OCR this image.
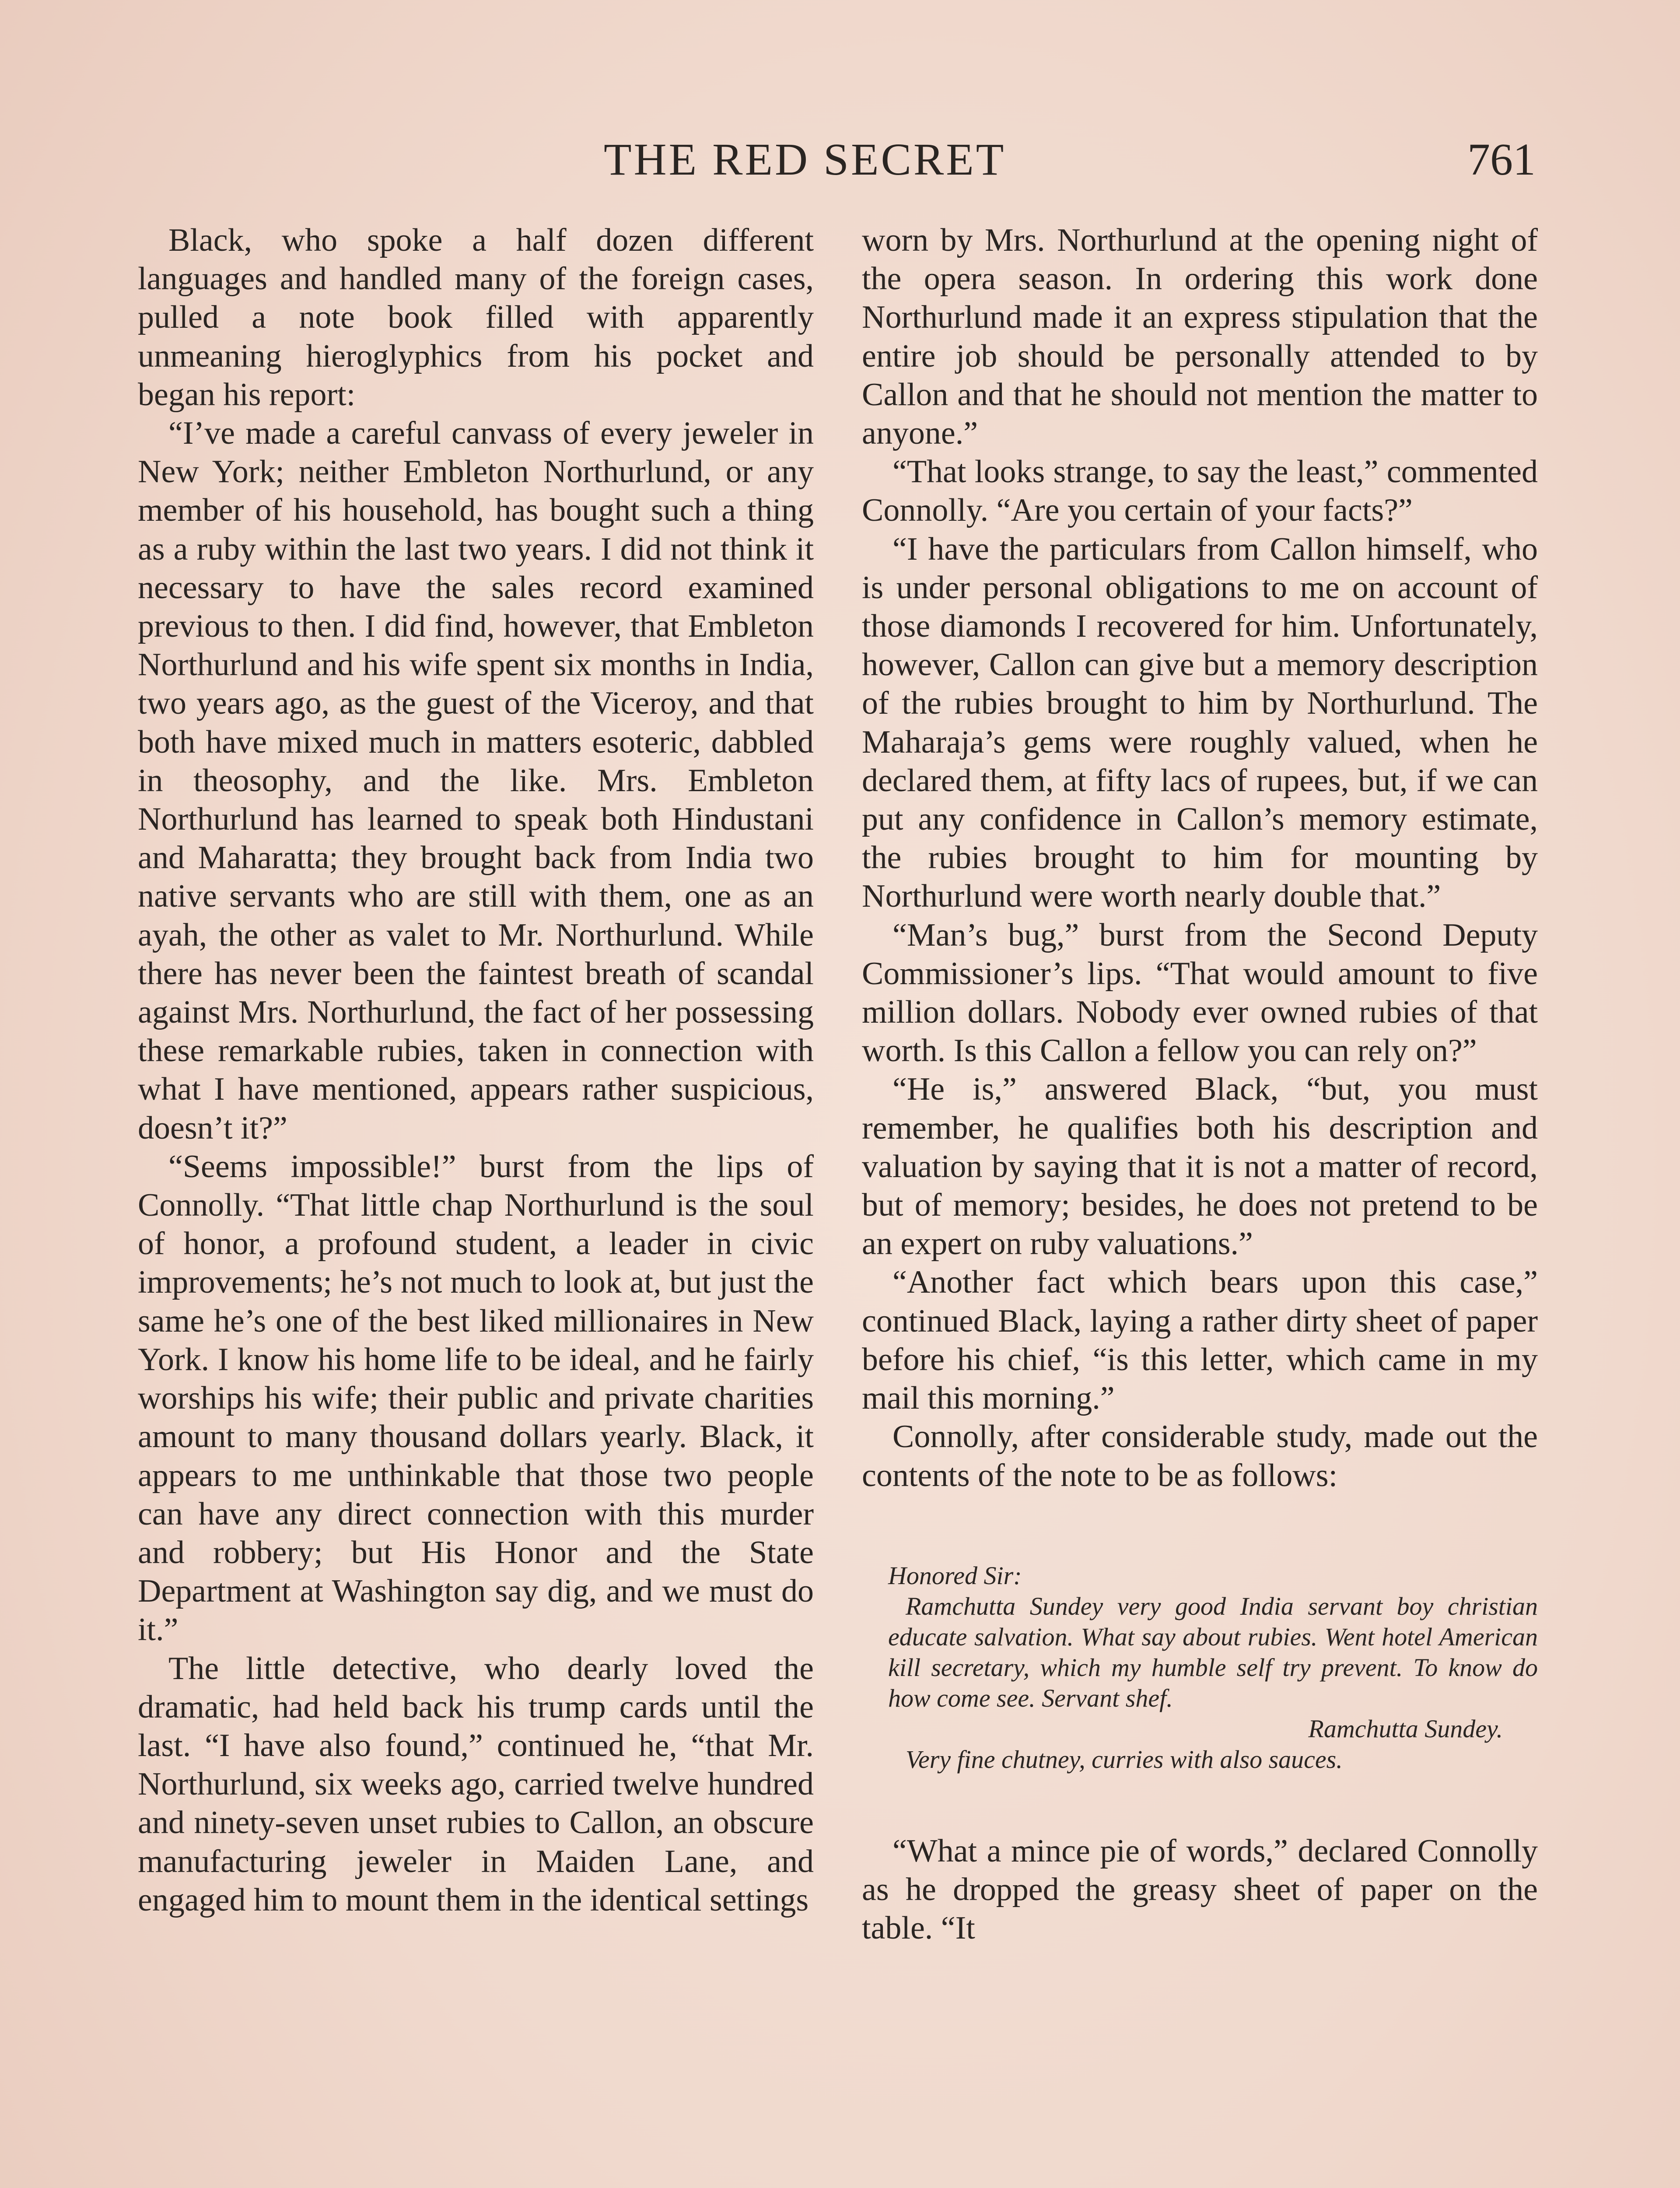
THE RED SECRET	761

Black, who spoke a half dozen different languages and handled many of the foreign cases, pulled a note book filled with apparently unmeaning hieroglyphics from his pocket and began his report:

“I’ve made a careful canvass of every jeweler in New York; neither Embleton Northurlund, or any member of his household, has bought such a thing as a ruby within the last two years. I did not think it necessary to have the sales record examined previous to then. I did find, however, that Embleton Northurlund and his wife spent six months in India, two years ago, as the guest of the Viceroy, and that both have mixed much in matters esoteric, dabbled in theosophy, and the like. Mrs. Embleton Northurlund has learned to speak both Hindustani and Maharatta; they brought back from India two native servants who are still with them, one as an ayah, the other as valet to Mr. Northurlund. While there has never been the faintest breath of scandal against Mrs. Northurlund, the fact of her possessing these remarkable rubies, taken in connection with what I have mentioned, appears rather suspicious, doesn’t it?”

“Seems impossible!” burst from the lips of Connolly. “That little chap Northurlund is the soul of honor, a profound student, a leader in civic improvements; he’s not much to look at, but just the same he’s one of the best liked millionaires in New York. I know his home life to be ideal, and he fairly worships his wife; their public and private charities amount to many thousand dollars yearly. Black, it appears to me unthinkable that those two people can have any direct connection with this murder and robbery; but His Honor and the State Department at Washington say dig, and we must do it.”

The little detective, who dearly loved the dramatic, had held back his trump cards until the last. “I have also found,” continued he, “that Mr. Northurlund, six weeks ago, carried twelve hundred and ninety-seven unset rubies to Callon, an obscure manufacturing jeweler in Maiden Lane, and engaged him to mount them in the identical settings

worn by Mrs. Northurlund at the opening night of the opera season. In ordering this work done Northurlund made it an express stipulation that the entire job should be personally attended to by Callon and that he should not mention the matter to anyone.”

“That looks strange, to say the least,” commented Connolly. “Are you certain of your facts?”

“I have the particulars from Callon himself, who is under personal obligations to me on account of those diamonds I recovered for him. Unfortunately, however, Callon can give but a memory description of the rubies brought to him by Northurlund. The Maharaja’s gems were roughly valued, when he declared them, at fifty lacs of rupees, but, if we can put any confidence in Callon’s memory estimate, the rubies brought to him for mounting by Northurlund were worth nearly double that.”

“Man’s bug,” burst from the Second Deputy Commissioner’s lips. “That would amount to five million dollars. Nobody ever owned rubies of that worth. Is this Callon a fellow you can rely on?”

“He is,” answered Black, “but, you must remember, he qualifies both his description and valuation by saying that it is not a matter of record, but of memory; besides, he does not pretend to be an expert on ruby valuations.”

“Another fact which bears upon this case,” continued Black, laying a rather dirty sheet of paper before his chief, “is this letter, which came in my mail this morning.”

Connolly, after considerable study, made out the contents of the note to be as follows:

Honored Sir:

Ramchutta Sundey very good India servant boy christian educate salvation. What say about rubies. Went hotel American kill secretary, which my humble self try prevent. To know do how come see. Servant shef.

Ramchutta Sundey.

Very fine chutney, curries with also sauces.

“What a mince pie of words,” declared Connolly as he dropped the greasy sheet of paper on the table. “It
